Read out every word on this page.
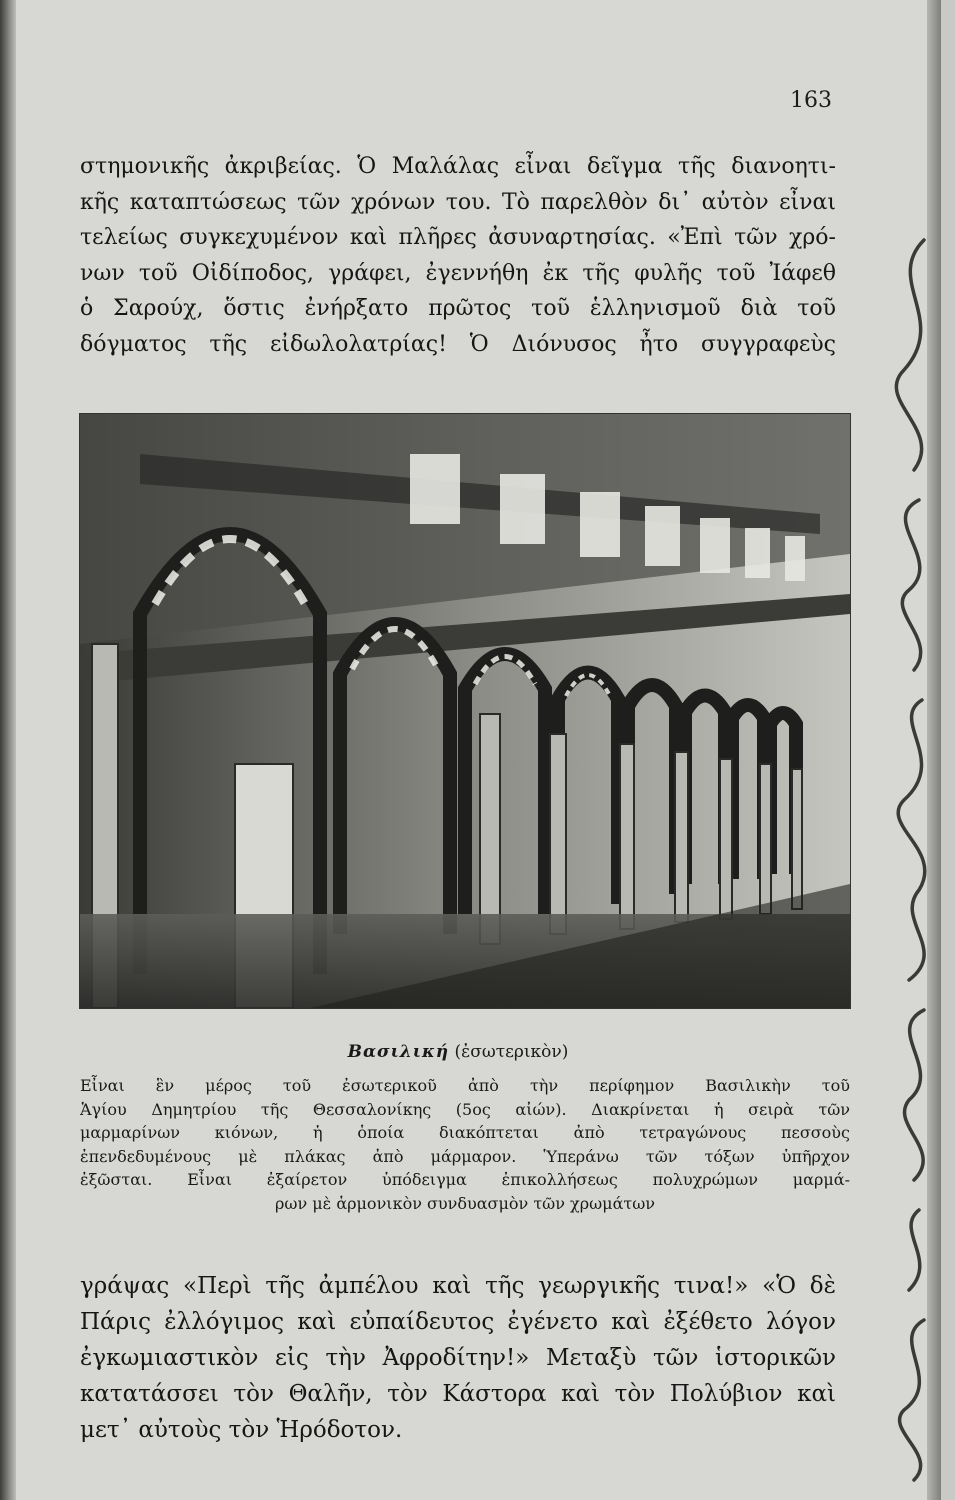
163
στημονικῆς ἀκριβείας. Ὁ Μαλάλας εἶναι δεῖγμα τῆς διανοητι-
κῆς καταπτώσεως τῶν χρόνων του. Τὸ παρελθὸν δι᾽ αὐτὸν εἶναι
τελείως συγκεχυμένον καὶ πλῆρες ἀσυναρτησίας. «Ἐπὶ τῶν χρό-
νων τοῦ Οἰδίποδος, γράφει, ἐγεννήθη ἐκ τῆς φυλῆς τοῦ Ἰάφεθ
ὁ Σαρούχ, ὅστις ἐνήρξατο πρῶτος τοῦ ἑλληνισμοῦ διὰ τοῦ
δόγματος τῆς εἰδωλολατρίας! Ὁ Διόνυσος ἦτο συγγραφεὺς
Βασιλική (ἐσωτερικὸν)
Εἶναι ἓν μέρος τοῦ ἐσωτερικοῦ ἀπὸ τὴν περίφημον Βασιλικὴν τοῦ
Ἁγίου Δημητρίου τῆς Θεσσαλονίκης (5ος αἰών). Διακρίνεται ἡ σειρὰ τῶν
μαρμαρίνων κιόνων, ἡ ὁποία διακόπτεται ἀπὸ τετραγώνους πεσσοὺς
ἐπενδεδυμένους μὲ πλάκας ἀπὸ μάρμαρον. Ὑπεράνω τῶν τόξων ὑπῆρχον
ἐξῶσται. Εἶναι ἐξαίρετον ὑπόδειγμα ἐπικολλήσεως πολυχρώμων μαρμά-
ρων μὲ ἁρμονικὸν συνδυασμὸν τῶν χρωμάτων
γράψας «Περὶ τῆς ἀμπέλου καὶ τῆς γεωργικῆς τινα!» «Ὁ δὲ
Πάρις ἐλλόγιμος καὶ εὐπαίδευτος ἐγένετο καὶ ἐξέθετο λόγον
ἐγκωμιαστικὸν εἰς τὴν Ἀφροδίτην!» Μεταξὺ τῶν ἱστορικῶν
κατατάσσει τὸν Θαλῆν, τὸν Κάστορα καὶ τὸν Πολύβιον καὶ
μετ᾽ αὐτοὺς τὸν Ἡρόδοτον.
